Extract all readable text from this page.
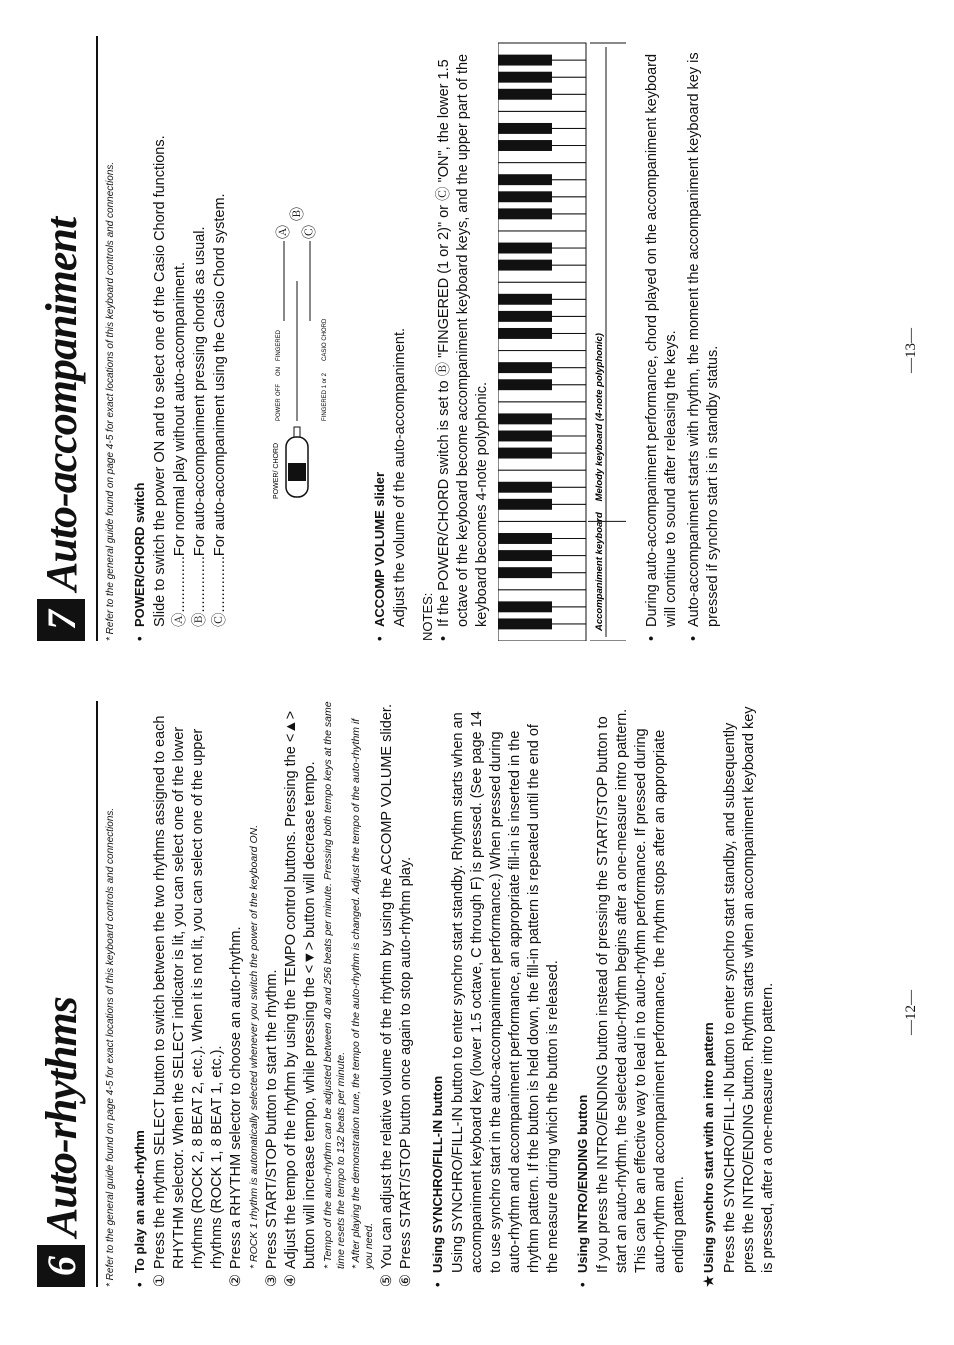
6
Auto-rhythms * Refer to the general guide found on page 4-5 for exact locations of this keyboard controls and connections. •To play an auto-rhythm
①
Press the rhythm SELECT button to switch between the two rhythms assigned to each RHYTHM selector. When the SELECT indicator is lit, you can select one of the lower rhythms (ROCK 2, 8 BEAT 2, etc.). When it is not lit, you can select one of the upper rhythms (ROCK 1, 8 BEAT 1, etc.).
②
Press a RHYTHM selector to choose an auto-rhythm. * ROCK 1 rhythm is automatically selected whenever you switch the power of the keyboard ON.
③
Press START/STOP button to start the rhythm.
④
Adjust the tempo of the rhythm by using the TEMPO control buttons. Pressing the <▲> button will increase tempo, while pressing the <▼> button will decrease tempo. * Tempo of the auto-rhythm can be adjusted between 40 and 256 beats per minute. Pressing both tempo keys at the same time resets the tempo to 132 beats per minute. * After playing the demonstration tune, the tempo of the auto-rhythm is changed. Adjust the tempo of the auto-rhythm if you need.
⑤
You can adjust the relative volume of the rhythm by using the ACCOMP VOLUME slider.
⑥
Press START/STOP button once again to stop auto-rhythm play.
•Using SYNCHRO/FILL-IN button Using SYNCHRO/FILL-IN button to enter synchro start standby. Rhythm starts when an accompaniment keyboard key (lower 1.5 octave, C through F) is pressed. (See page 14 to use synchro start in the auto-accompaniment performance.) When pressed during auto-rhythm and accompaniment performance, an appropriate fill-in is inserted in the rhythm pattern. If the button is held down, the fill-in pattern is repeated until the end of the measure during which the button is released.

•Using INTRO/ENDING button If you press the INTRO/ENDING button instead of pressing the START/STOP button to start an auto-rhythm, the selected auto-rhythm begins after a one-measure intro pattern. This can be an effective way to lead in to auto-rhythm performance. If pressed during auto-rhythm and accompaniment performance, the rhythm stops after an appropriate ending pattern.

★Using synchro start with an intro pattern Press the SYNCHRO/FILL-IN button to enter synchro start standby, and subsequently press the INTRO/ENDING button. Rhythm starts when an accompaniment keyboard key is pressed, after a one-measure intro pattern.	—12—
7
Auto-accompaniment * Refer to the general guide found on page 4-5 for exact locations of this keyboard controls and connections. •POWER/CHORD switch Slide to switch the power ON and to select one of the Casio Chord functions. Ⓐ..............For normal play without auto-accompaniment.
Ⓑ..............For auto-accompaniment pressing chords as usual.
Ⓒ..............For auto-accompaniment using the Casio Chord system.	POWER/ CHORD
POWER
OFF
ON
FINGERED
FINGERED 1 or 2
CASIO CHORD
Ⓐ
Ⓑ
Ⓒ
•ACCOMP VOLUME slider Adjust the volume of the auto-accompaniment. NOTES: •
If the POWER/CHORD switch is set to Ⓑ "FINGERED (1 or 2)" or Ⓒ "ON", the lower 1.5 octave of the keyboard become accompaniment keyboard keys, and the upper part of the keyboard becomes 4-note polyphonic.	Accompaniment keyboard
Melody keyboard (4-note polyphonic)
•
During auto-accompaniment performance, chord played on the accompaniment keyboard will continue to sound after releasing the keys.
•
Auto-accompaniment starts with rhythm, the moment the accompaniment keyboard key is pressed if synchro start is in standby status.	—13—
